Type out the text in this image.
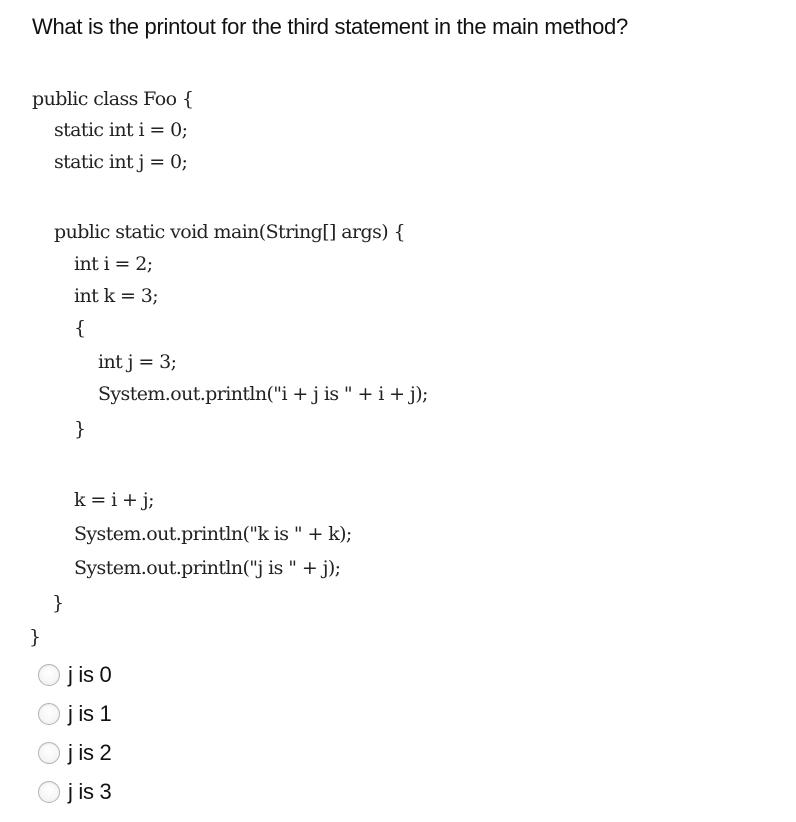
What is the printout for the third statement in the main method?
public class Foo {
static int i = 0;
static int j = 0;
public static void main(String[] args) {
int i = 2;
int k = 3;
{
int j = 3;
System.out.println("i + j is " + i + j);
}
k = i + j;
System.out.println("k is " + k);
System.out.println("j is " + j);
}
}
j is 0
j is 1
j is 2
j is 3
